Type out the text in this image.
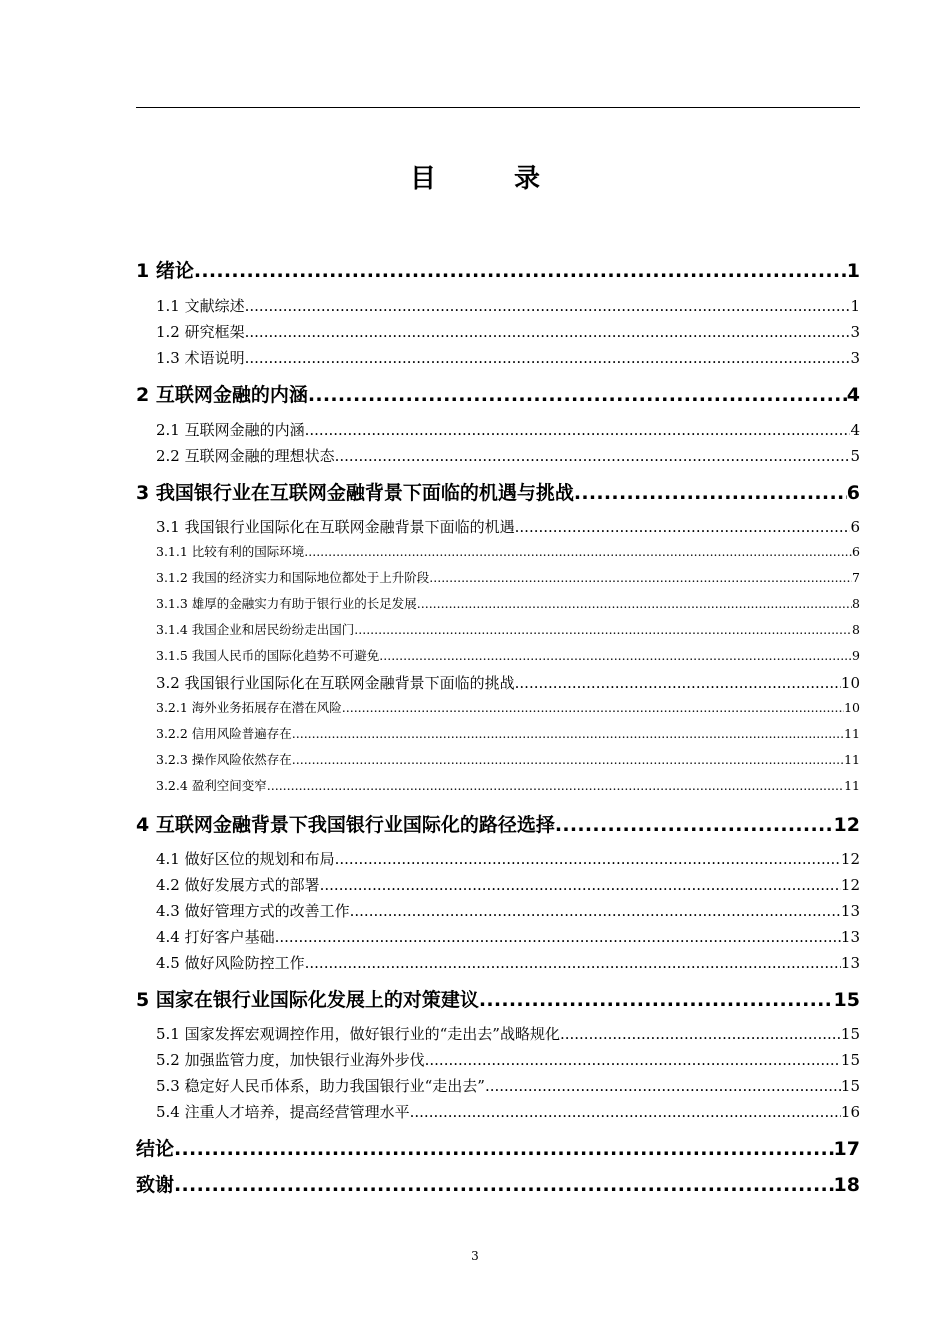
目　录
1 绪论 .....	1
1.1 文献综述 .....	1
1.2 研究框架 .....	3
1.3 术语说明 .....	3
2 互联网金融的内涵 .....	4
2.1 互联网金融的内涵 .....	4
2.2 互联网金融的理想状态 .....	5
3 我国银行业在互联网金融背景下面临的机遇与挑战 .....	6
3.1 我国银行业国际化在互联网金融背景下面临的机遇 .....	6
3.1.1 比较有利的国际环境 .....	6
3.1.2 我国的经济实力和国际地位都处于上升阶段 .....	7
3.1.3 雄厚的金融实力有助于银行业的长足发展 .....	8
3.1.4 我国企业和居民纷纷走出国门 .....	8
3.1.5 我国人民币的国际化趋势不可避免 .....	9
3.2 我国银行业国际化在互联网金融背景下面临的挑战 .....	10
3.2.1 海外业务拓展存在潜在风险 .....	10
3.2.2 信用风险普遍存在 .....	11
3.2.3 操作风险依然存在 .....	11
3.2.4 盈利空间变窄 .....	11
4 互联网金融背景下我国银行业国际化的路径选择 .....	12
4.1 做好区位的规划和布局 .....	12
4.2 做好发展方式的部署 .....	12
4.3 做好管理方式的改善工作 .....	13
4.4 打好客户基础 .....	13
4.5 做好风险防控工作 .....	13
5 国家在银行业国际化发展上的对策建议 .....	15
5.1 国家发挥宏观调控作用，做好银行业的“走出去”战略规化 .....	15
5.2 加强监管力度，加快银行业海外步伐 .....	15
5.3 稳定好人民币体系，助力我国银行业“走出去” .....	15
5.4 注重人才培养，提高经营管理水平 .....	16
结论 .....	17
致谢 .....	18
3
